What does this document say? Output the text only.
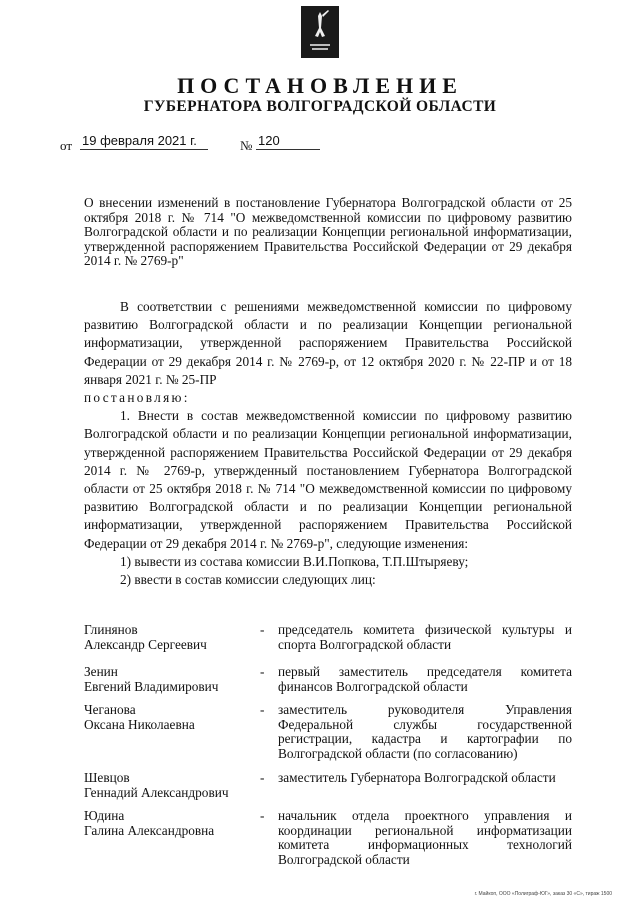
ПОСТАНОВЛЕНИЕ
ГУБЕРНАТОРА ВОЛГОГРАДСКОЙ ОБЛАСТИ
от 19 февраля 2021 г.	№ 120
О внесении изменений в постановление Губернатора Волгоградской области от 25 октября 2018 г. № 714 "О межведомственной комиссии по цифровому развитию Волгоградской области и по реализации Концепции региональной информатизации, утвержденной распоряжением Правительства Российской Федерации от 29 декабря 2014 г. № 2769-р"

В соответствии с решениями межведомственной комиссии по цифровому развитию Волгоградской области и по реализации Концепции региональной информатизации, утвержденной распоряжением Правительства Российской Федерации от 29 декабря 2014 г. № 2769-р, от 12 октября 2020 г. № 22-ПР и от 18 января 2021 г. № 25-ПР

постановляю:

1. Внести в состав межведомственной комиссии по цифровому развитию Волгоградской области и по реализации Концепции региональной информатизации, утвержденной распоряжением Правительства Российской Федерации от 29 декабря 2014 г. № 2769-р, утвержденный постановлением Губернатора Волгоградской области от 25 октября 2018 г. № 714 "О межведомственной комиссии по цифровому развитию Волгоградской области и по реализации Концепции региональной информатизации, утвержденной распоряжением Правительства Российской Федерации от 29 декабря 2014 г. № 2769-р", следующие изменения:

1) вывести из состава комиссии В.И.Попкова, Т.П.Штыряеву;

2) ввести в состав комиссии следующих лиц:

Глинянов
Александр Сергеевич
- председатель комитета физической культуры и спорта Волгоградской области
Зенин
Евгений Владимирович
- первый заместитель председателя комитета финансов Волгоградской области
Чеганова
Оксана Николаевна
- заместитель руководителя Управления Федеральной службы государственной регистрации, кадастра и картографии по Волгоградской области (по согласованию)
Шевцов
Геннадий Александрович
- заместитель Губернатора Волгоградской области
Юдина
Галина Александровна
- начальник отдела проектного управления и координации региональной информатизации комитета информационных технологий Волгоградской области
г. Майкоп, ООО «Полиграф-ЮГ», заказ 30 «С», тираж 1500
